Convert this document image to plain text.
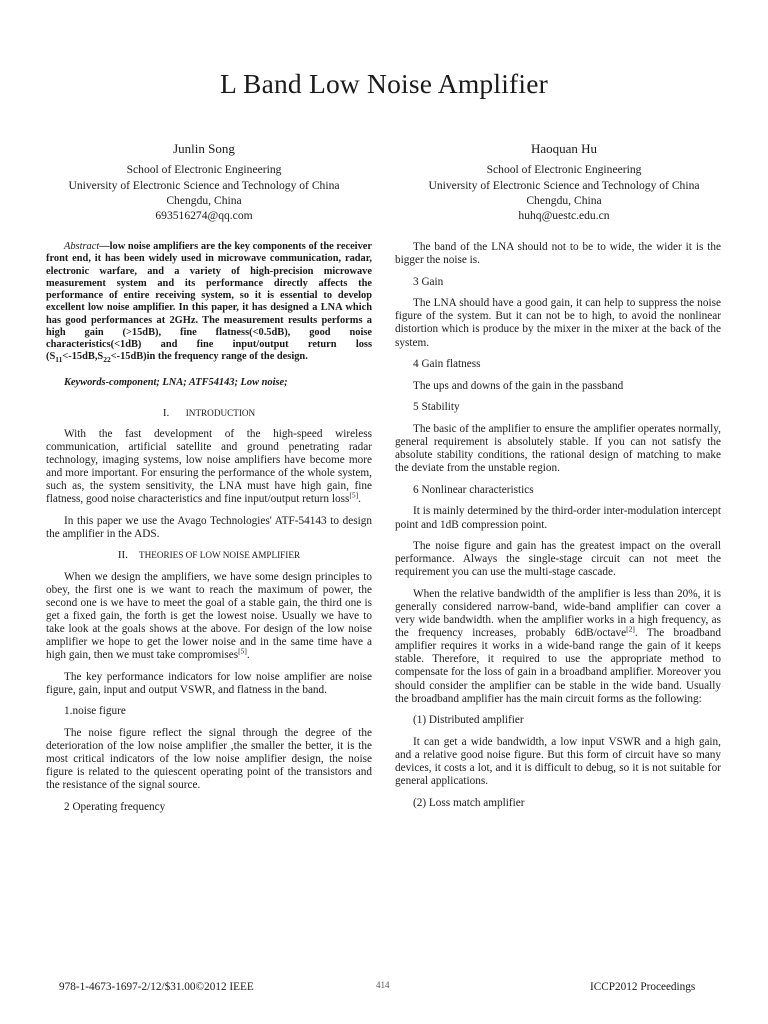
L Band Low Noise Amplifier
Junlin Song
School of Electronic Engineering
University of Electronic Science and Technology of China
Chengdu, China
693516274@qq.com
Haoquan Hu
School of Electronic Engineering
University of Electronic Science and Technology of China
Chengdu, China
huhq@uestc.edu.cn

Abstract—low noise amplifiers are the key components of the receiver front end, it has been widely used in microwave communication, radar, electronic warfare, and a variety of high-precision microwave measurement system and its performance directly affects the performance of entire receiving system, so it is essential to develop excellent low noise amplifier. In this paper, it has designed a LNA which has good performances at 2GHz. The measurement results performs a high gain (>15dB), fine flatness(<0.5dB), good noise characteristics(<1dB) and fine input/output return loss $(S_{11}<-15dB,S_{22}<-15dB)in$ the frequency range of the design.

Keywords-component; LNA; ATF54143; Low noise;

I. INTRODUCTION

With the fast development of the high-speed wireless communication, artificial satellite and ground penetrating radar technology, imaging systems, low noise amplifiers have become more and more important. For ensuring the performance of the whole system, such as, the system sensitivity, the LNA must have high gain, fine flatness, good noise characteristics and fine input/output return loss[5].

In this paper we use the Avago Technologies' ATF-54143 to design the amplifier in the ADS.

II. THEORIES OF LOW NOISE AMPLIFIER

When we design the amplifiers, we have some design principles to obey, the first one is we want to reach the maximum of power, the second one is we have to meet the goal of a stable gain, the third one is get a fixed gain, the forth is get the lowest noise. Usually we have to take look at the goals shows at the above. For design of the low noise amplifier we hope to get the lower noise and in the same time have a high gain, then we must take compromises[5].

The key performance indicators for low noise amplifier are noise figure, gain, input and output VSWR, and flatness in the band.

1.noise figure

The noise figure reflect the signal through the degree of the deterioration of the low noise amplifier ,the smaller the better, it is the most critical indicators of the low noise amplifier design, the noise figure is related to the quiescent operating point of the transistors and the resistance of the signal source.

2 Operating frequency

The band of the LNA should not to be to wide, the wider it is the bigger the noise is.

3 Gain

The LNA should have a good gain, it can help to suppress the noise figure of the system. But it can not be to high, to avoid the nonlinear distortion which is produce by the mixer in the mixer at the back of the system.

4 Gain flatness

The ups and downs of the gain in the passband

5 Stability

The basic of the amplifier to ensure the amplifier operates normally, general requirement is absolutely stable. If you can not satisfy the absolute stability conditions, the rational design of matching to make the deviate from the unstable region.

6 Nonlinear characteristics

It is mainly determined by the third-order inter-modulation intercept point and 1dB compression point.

The noise figure and gain has the greatest impact on the overall performance. Always the single-stage circuit can not meet the requirement you can use the multi-stage cascade.

When the relative bandwidth of the amplifier is less than 20%, it is generally considered narrow-band, wide-band amplifier can cover a very wide bandwidth. when the amplifier works in a high frequency, as the frequency increases, probably 6dB/octave[2]. The broadband amplifier requires it works in a wide-band range the gain of it keeps stable. Therefore, it required to use the appropriate method to compensate for the loss of gain in a broadband amplifier. Moreover you should consider the amplifier can be stable in the wide band. Usually the broadband amplifier has the main circuit forms as the following:

(1) Distributed amplifier

It can get a wide bandwidth, a low input VSWR and a high gain, and a relative good noise figure. But this form of circuit have so many devices, it costs a lot, and it is difficult to debug, so it is not suitable for general applications.

(2) Loss match amplifier

978-1-4673-1697-2/12/$31.00©2012 IEEE	414	ICCP2012 Proceedings
